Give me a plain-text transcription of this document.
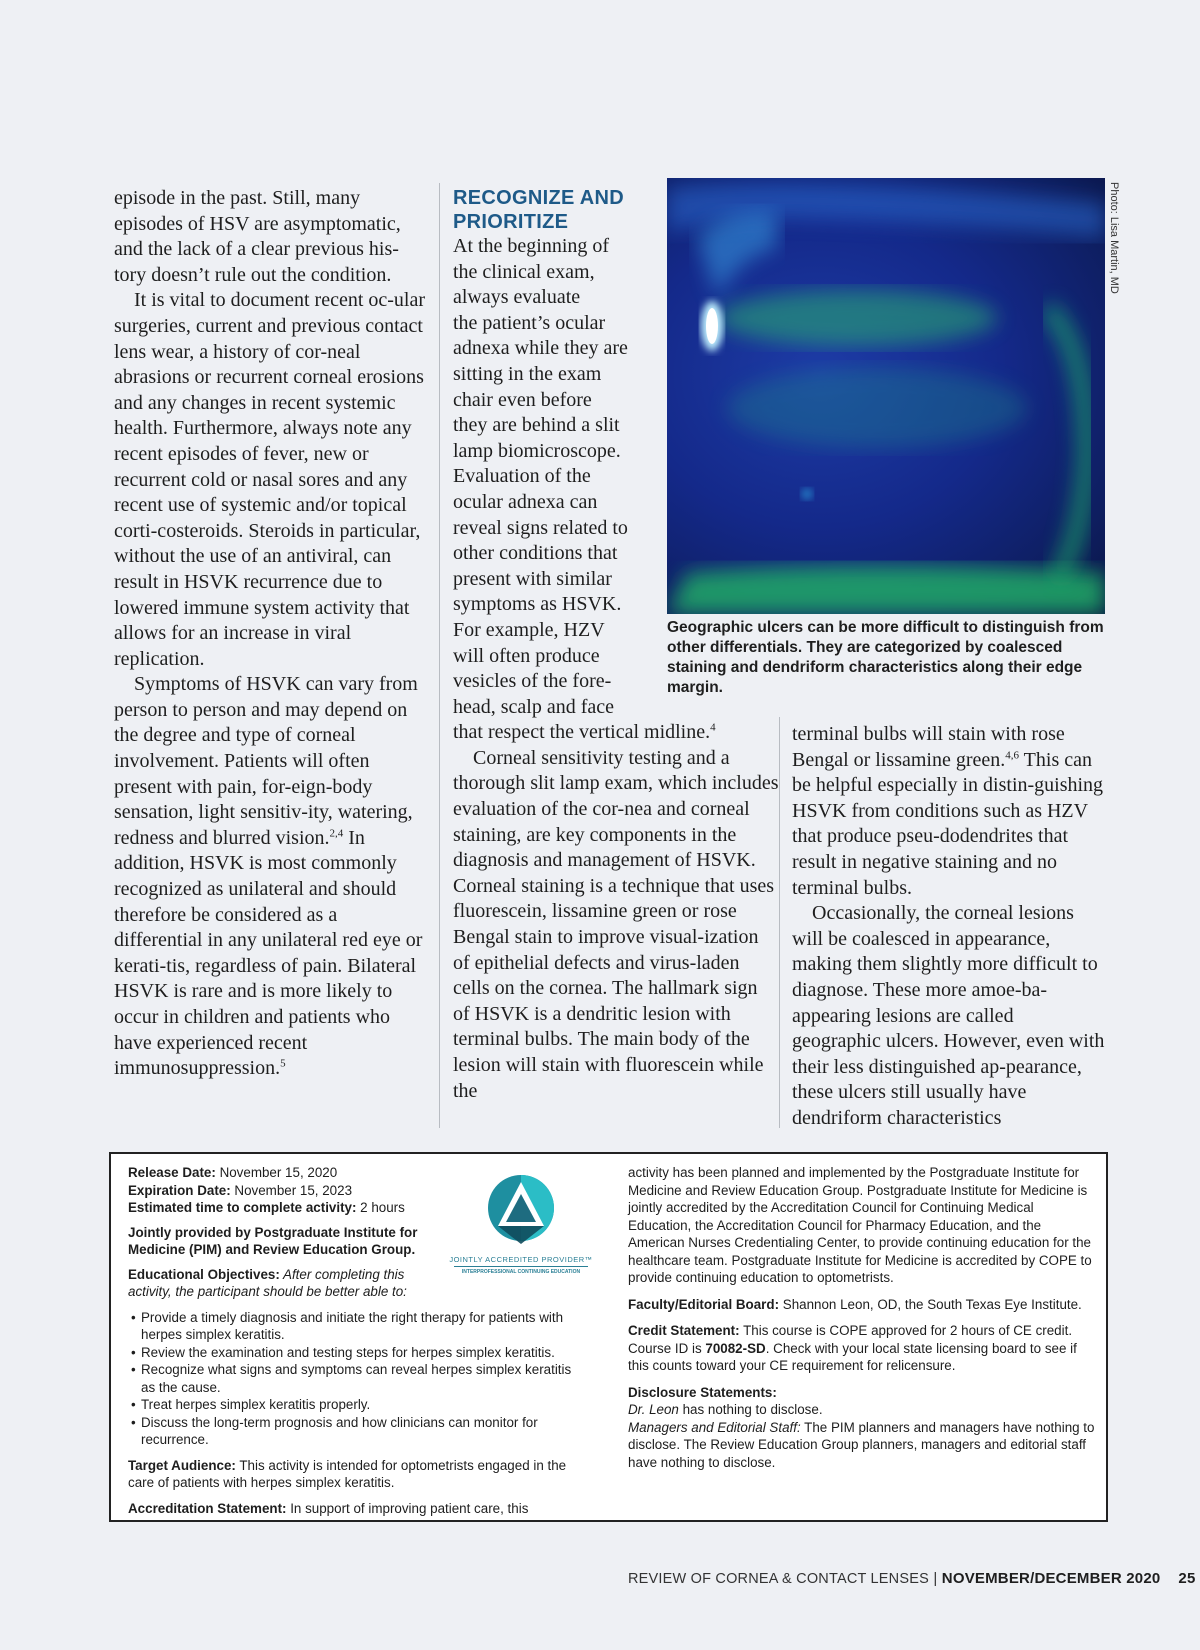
episode in the past. Still, many episodes of HSV are asymptomatic, and the lack of a clear previous his-tory doesn’t rule out the condition.

It is vital to document recent oc-ular surgeries, current and previous contact lens wear, a history of cor-neal abrasions or recurrent corneal erosions and any changes in recent systemic health. Furthermore, always note any recent episodes of fever, new or recurrent cold or nasal sores and any recent use of systemic and/or topical corti-costeroids. Steroids in particular, without the use of an antiviral, can result in HSVK recurrence due to lowered immune system activity that allows for an increase in viral replication.

Symptoms of HSVK can vary from person to person and may depend on the degree and type of corneal involvement. Patients will often present with pain, for-eign-body sensation, light sensitiv-ity, watering, redness and blurred vision.$^{2,4}$ In addition, HSVK is most commonly recognized as unilateral and should therefore be considered as a differential in any unilateral red eye or kerati-tis, regardless of pain. Bilateral HSVK is rare and is more likely to occur in children and patients who have experienced recent immunosuppression.$^5$

RECOGNIZE AND
PRIORITIZE
At the beginning of
the clinical exam,
always evaluate
the patient’s ocular
adnexa while they are
sitting in the exam
chair even before
they are behind a slit
lamp biomicroscope.
Evaluation of the
ocular adnexa can
reveal signs related to
other conditions that
present with similar
symptoms as HSVK.
For example, HZV
will often produce
vesicles of the fore-
head, scalp and face

that respect the vertical midline.$^4$

Corneal sensitivity testing and a thorough slit lamp exam, which includes evaluation of the cor-nea and corneal staining, are key components in the diagnosis and management of HSVK. Corneal staining is a technique that uses fluorescein, lissamine green or rose Bengal stain to improve visual-ization of epithelial defects and virus-laden cells on the cornea. The hallmark sign of HSVK is a dendritic lesion with terminal bulbs. The main body of the lesion will stain with fluorescein while the

terminal bulbs will stain with rose Bengal or lissamine green.$^{4,6}$ This can be helpful especially in distin-guishing HSVK from conditions such as HZV that produce pseu-dodendrites that result in negative staining and no terminal bulbs.

Occasionally, the corneal lesions will be coalesced in appearance, making them slightly more difficult to diagnose. These more amoe-ba-appearing lesions are called geographic ulcers. However, even with their less distinguished ap-pearance, these ulcers still usually have dendriform characteristics

Photo: Lisa Martin, MD
Geographic ulcers can be more difficult to distinguish from other differentials. They are categorized by coalesced staining and dendriform characteristics along their edge margin.

Release Date: November 15, 2020

Expiration Date: November 15, 2023

Estimated time to complete activity: 2 hours

Jointly provided by Postgraduate Institute for Medicine (PIM) and Review Education Group.

Educational Objectives: After completing this activity, the participant should be better able to:

• Provide a timely diagnosis and initiate the right therapy for patients with herpes simplex keratitis.
• Review the examination and testing steps for herpes simplex keratitis.
• Recognize what signs and symptoms can reveal herpes simplex keratitis as the cause.
• Treat herpes simplex keratitis properly.
• Discuss the long-term prognosis and how clinicians can monitor for recurrence.

Target Audience: This activity is intended for optometrists engaged in the care of patients with herpes simplex keratitis.

Accreditation Statement: In support of improving patient care, this

JOINTLY ACCREDITED PROVIDER™
INTERPROFESSIONAL CONTINUING EDUCATION

activity has been planned and implemented by the Postgraduate Institute for Medicine and Review Education Group. Postgraduate Institute for Medicine is jointly accredited by the Accreditation Council for Continuing Medical Education, the Accreditation Council for Pharmacy Education, and the American Nurses Credentialing Center, to provide continuing education for the healthcare team. Postgraduate Institute for Medicine is accredited by COPE to provide continuing education to optometrists.

Faculty/Editorial Board: Shannon Leon, OD, the South Texas Eye Institute.

Credit Statement: This course is COPE approved for 2 hours of CE credit. Course ID is 70082-SD. Check with your local state licensing board to see if this counts toward your CE requirement for relicensure.

Disclosure Statements:

Dr. Leon has nothing to disclose.

Managers and Editorial Staff: The PIM planners and managers have nothing to disclose. The Review Education Group planners, managers and editorial staff have nothing to disclose.

REVIEW OF CORNEA & CONTACT LENSES | NOVEMBER/DECEMBER 2020 25
